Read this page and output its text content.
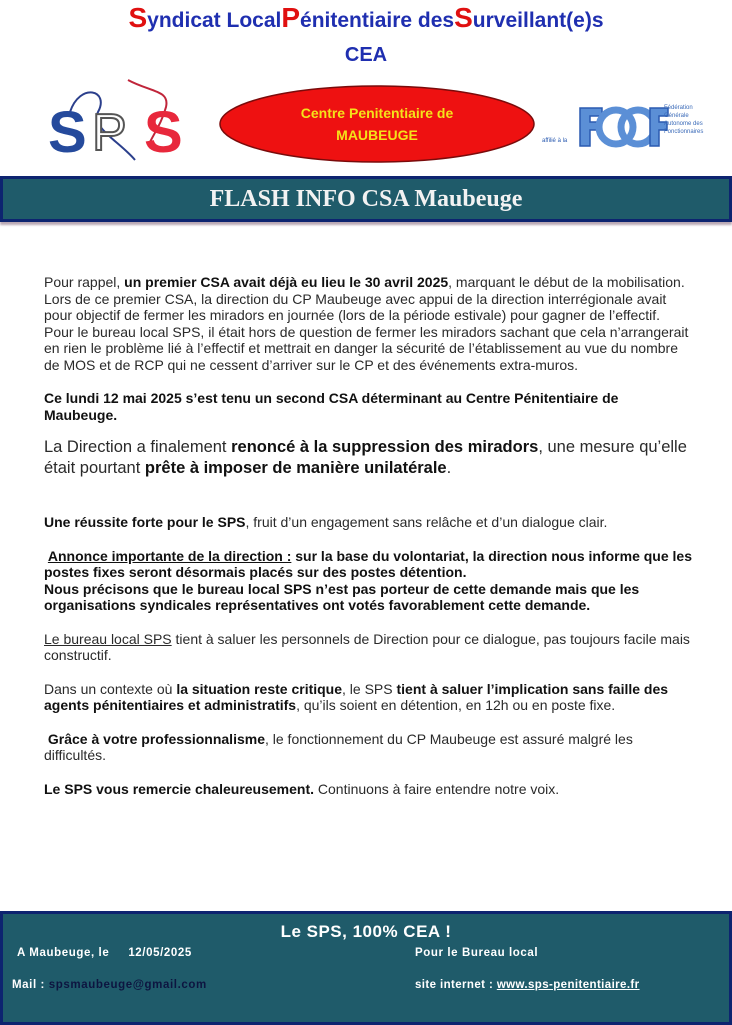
Syndicat LocalPénitentiaire desSurveillant(e)s
CEA
S P S	Centre Penitentiaire de
MAUBEUGE	affilié à la
Fédération
Générale
Autonome des
Fonctionnaires
FLASH INFO CSA Maubeuge

Pour rappel, un premier CSA avait déjà eu lieu le 30 avril 2025, marquant le début de la mobilisation.
Lors de ce premier CSA, la direction du CP Maubeuge avec appui de la direction interrégionale avait pour objectif de fermer les miradors en journée (lors de la période estivale) pour gagner de l’effectif.
Pour le bureau local SPS, il était hors de question de fermer les miradors sachant que cela n’arrangerait en rien le problème lié à l’effectif et mettrait en danger la sécurité de l’établissement au vue du nombre de MOS et de RCP qui ne cessent d’arriver sur le CP et des événements extra-muros.

Ce lundi 12 mai 2025 s’est tenu un second CSA déterminant au Centre Pénitentiaire de Maubeuge.

La Direction a finalement renoncé à la suppression des miradors, une mesure qu’elle était pourtant prête à imposer de manière unilatérale.

Une réussite forte pour le SPS, fruit d’un engagement sans relâche et d’un dialogue clair.

Annonce importante de la direction : sur la base du volontariat, la direction nous informe que les postes fixes seront désormais placés sur des postes détention.
Nous précisons que le bureau local SPS n’est pas porteur de cette demande mais que les organisations syndicales représentatives ont votés favorablement cette demande.

Le bureau local SPS tient à saluer les personnels de Direction pour ce dialogue, pas toujours facile mais constructif.

Dans un contexte où la situation reste critique, le SPS tient à saluer l’implication sans faille des agents pénitentiaires et administratifs, qu’ils soient en détention, en 12h ou en poste fixe.

Grâce à votre professionnalisme, le fonctionnement du CP Maubeuge est assuré malgré les difficultés.

Le SPS vous remercie chaleureusement. Continuons à faire entendre notre voix.

Le SPS, 100% CEA !
A Maubeuge, le 12/05/2025	Pour le Bureau local
Mail : spsmaubeuge@gmail.com	site internet : www.sps-penitentiaire.fr
